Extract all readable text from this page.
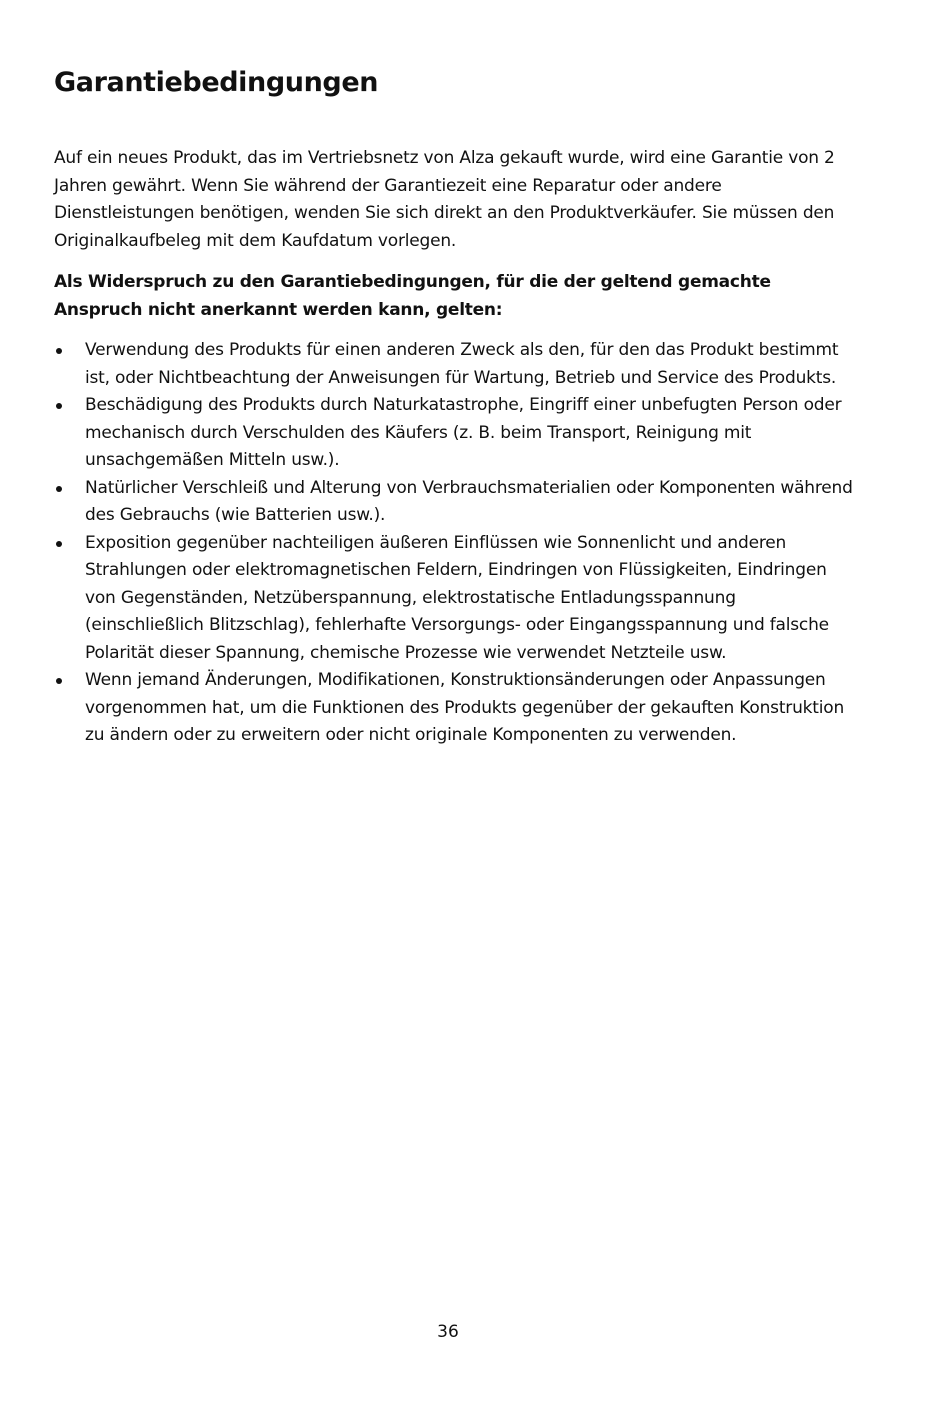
Garantiebedingungen

Auf ein neues Produkt, das im Vertriebsnetz von Alza gekauft wurde, wird eine Garantie von 2 Jahren gewährt. Wenn Sie während der Garantiezeit eine Reparatur oder andere Dienstleistungen benötigen, wenden Sie sich direkt an den Produktverkäufer. Sie müssen den Originalkaufbeleg mit dem Kaufdatum vorlegen.

Als Widerspruch zu den Garantiebedingungen, für die der geltend gemachte Anspruch nicht anerkannt werden kann, gelten:

Verwendung des Produkts für einen anderen Zweck als den, für den das Produkt bestimmt ist, oder Nichtbeachtung der Anweisungen für Wartung, Betrieb und Service des Produkts.
Beschädigung des Produkts durch Naturkatastrophe, Eingriff einer unbefugten Person oder mechanisch durch Verschulden des Käufers (z. B. beim Transport, Reinigung mit unsachgemäßen Mitteln usw.).
Natürlicher Verschleiß und Alterung von Verbrauchsmaterialien oder Komponenten während des Gebrauchs (wie Batterien usw.).
Exposition gegenüber nachteiligen äußeren Einflüssen wie Sonnenlicht und anderen Strahlungen oder elektromagnetischen Feldern, Eindringen von Flüssigkeiten, Eindringen von Gegenständen, Netzüberspannung, elektrostatische Entladungsspannung (einschließlich Blitzschlag), fehlerhafte Versorgungs- oder Eingangsspannung und falsche Polarität dieser Spannung, chemische Prozesse wie verwendet Netzteile usw.
Wenn jemand Änderungen, Modifikationen, Konstruktionsänderungen oder Anpassungen vorgenommen hat, um die Funktionen des Produkts gegenüber der gekauften Konstruktion zu ändern oder zu erweitern oder nicht originale Komponenten zu verwenden.
36
